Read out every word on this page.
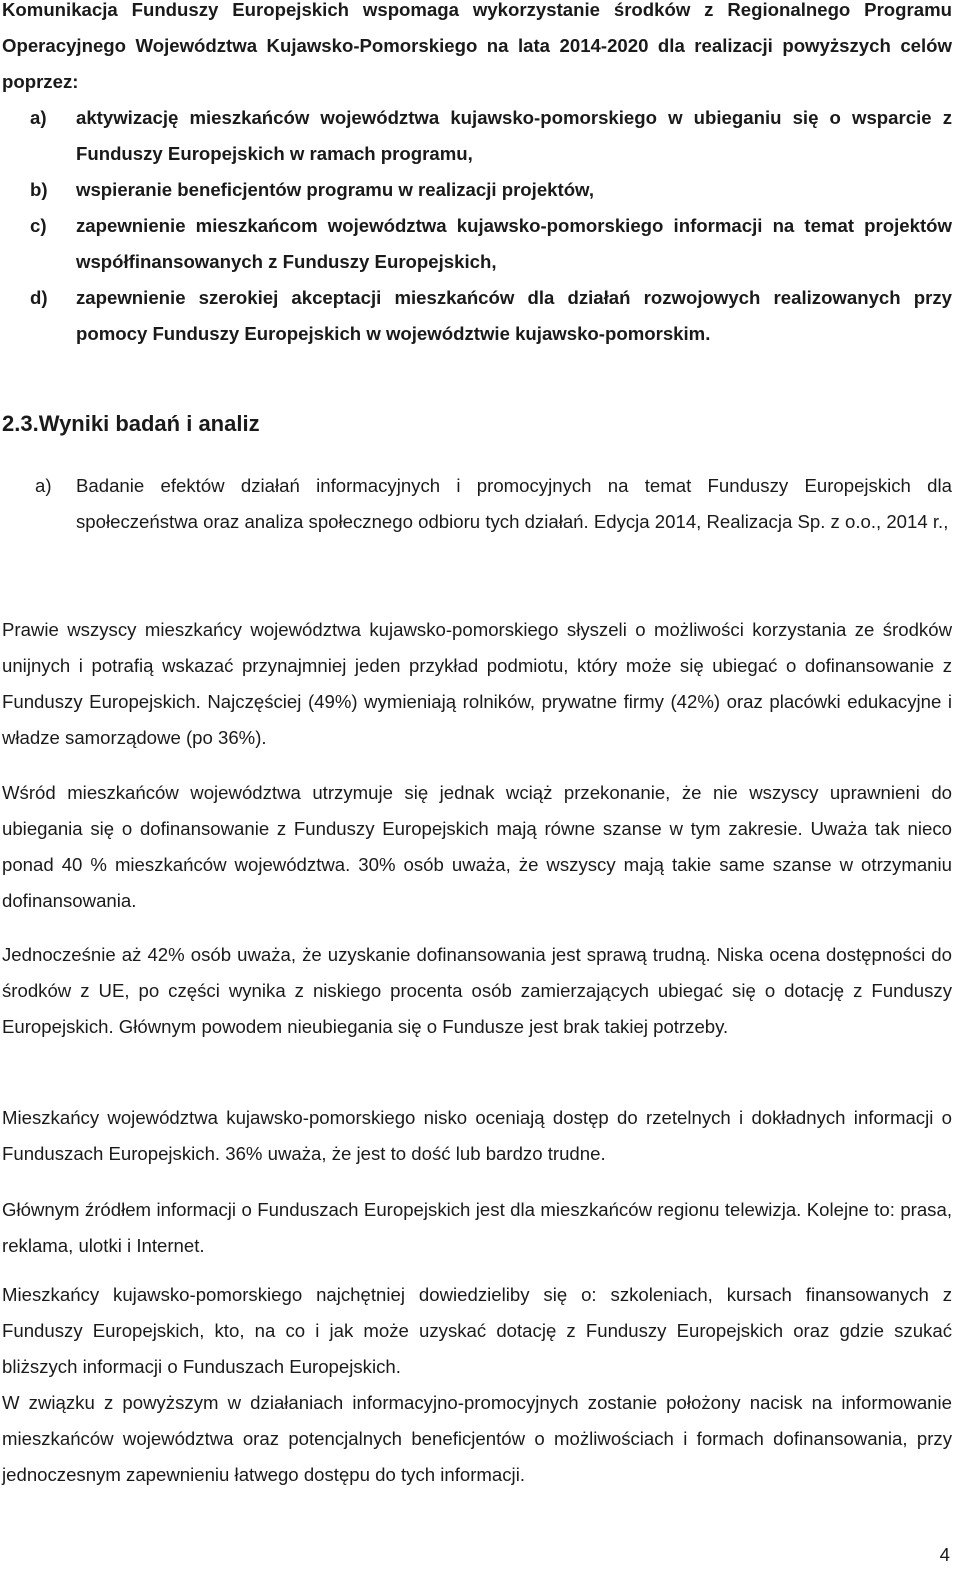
Komunikacja Funduszy Europejskich wspomaga wykorzystanie środków z Regionalnego Programu Operacyjnego Województwa Kujawsko-Pomorskiego na lata 2014-2020 dla realizacji powyższych celów poprzez:

a) aktywizację mieszkańców województwa kujawsko-pomorskiego w ubieganiu się o wsparcie z Funduszy Europejskich w ramach programu,
b) wspieranie beneficjentów programu w realizacji projektów,
c) zapewnienie mieszkańcom województwa kujawsko-pomorskiego informacji na temat projektów współfinansowanych z Funduszy Europejskich,
d) zapewnienie szerokiej akceptacji mieszkańców dla działań rozwojowych realizowanych przy pomocy Funduszy Europejskich w województwie kujawsko-pomorskim.
2.3.Wyniki badań i analiz
a)	Badanie efektów działań informacyjnych i promocyjnych na temat Funduszy Europejskich dla społeczeństwa oraz analiza społecznego odbioru tych działań. Edycja 2014, Realizacja Sp. z o.o., 2014 r.,

Prawie wszyscy mieszkańcy województwa kujawsko-pomorskiego słyszeli o możliwości korzystania ze środków unijnych i potrafią wskazać przynajmniej jeden przykład podmiotu, który może się ubiegać o dofinansowanie z Funduszy Europejskich. Najczęściej (49%) wymieniają rolników, prywatne firmy (42%) oraz placówki edukacyjne i władze samorządowe (po 36%).

Wśród mieszkańców województwa utrzymuje się jednak wciąż przekonanie, że nie wszyscy uprawnieni do ubiegania się o dofinansowanie z Funduszy Europejskich mają równe szanse w tym zakresie. Uważa tak nieco ponad 40 % mieszkańców województwa. 30% osób uważa, że wszyscy mają takie same szanse w otrzymaniu dofinansowania.

Jednocześnie aż 42% osób uważa, że uzyskanie dofinansowania jest sprawą trudną. Niska ocena dostępności do środków z UE, po części wynika z niskiego procenta osób zamierzających ubiegać się o dotację z Funduszy Europejskich. Głównym powodem nieubiegania się o Fundusze jest brak takiej potrzeby.

Mieszkańcy województwa kujawsko-pomorskiego nisko oceniają dostęp do rzetelnych i dokładnych informacji o Funduszach Europejskich. 36% uważa, że jest to dość lub bardzo trudne.

Głównym źródłem informacji o Funduszach Europejskich jest dla mieszkańców regionu telewizja. Kolejne to: prasa, reklama, ulotki i Internet.

Mieszkańcy kujawsko-pomorskiego najchętniej dowiedzieliby się o: szkoleniach, kursach finansowanych z Funduszy Europejskich, kto, na co i jak może uzyskać dotację z Funduszy Europejskich oraz gdzie szukać bliższych informacji o Funduszach Europejskich.

W związku z powyższym w działaniach informacyjno-promocyjnych zostanie położony nacisk na informowanie mieszkańców województwa oraz potencjalnych beneficjentów o możliwościach i formach dofinansowania, przy jednoczesnym zapewnieniu łatwego dostępu do tych informacji.

4
